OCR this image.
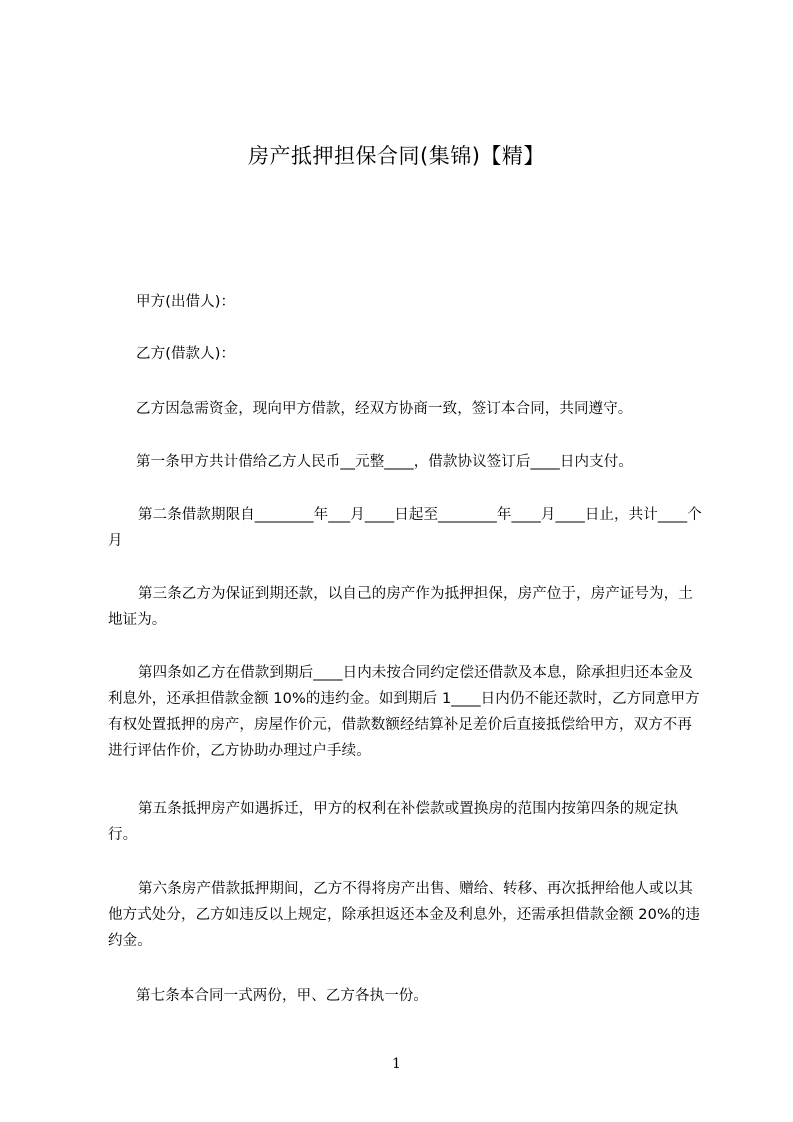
房产抵押担保合同(集锦)【精】

甲方(出借人)：

乙方(借款人)：

乙方因急需资金，现向甲方借款，经双方协商一致，签订本合同，共同遵守。

第一条甲方共计借给乙方人民币__元整____，借款协议签订后____日内支付。

第二条借款期限自________年___月____日起至________年____月____日止，共计____个月

第三条乙方为保证到期还款，以自己的房产作为抵押担保，房产位于，房产证号为，土地证为。

第四条如乙方在借款到期后____日内未按合同约定偿还借款及本息，除承担归还本金及利息外，还承担借款金额 10%的违约金。如到期后 1____日内仍不能还款时，乙方同意甲方有权处置抵押的房产，房屋作价元，借款数额经结算补足差价后直接抵偿给甲方，双方不再进行评估作价，乙方协助办理过户手续。

第五条抵押房产如遇拆迁，甲方的权利在补偿款或置换房的范围内按第四条的规定执行。

第六条房产借款抵押期间，乙方不得将房产出售、赠给、转移、再次抵押给他人或以其他方式处分，乙方如违反以上规定，除承担返还本金及利息外，还需承担借款金额 20%的违约金。

第七条本合同一式两份，甲、乙方各执一份。

1
